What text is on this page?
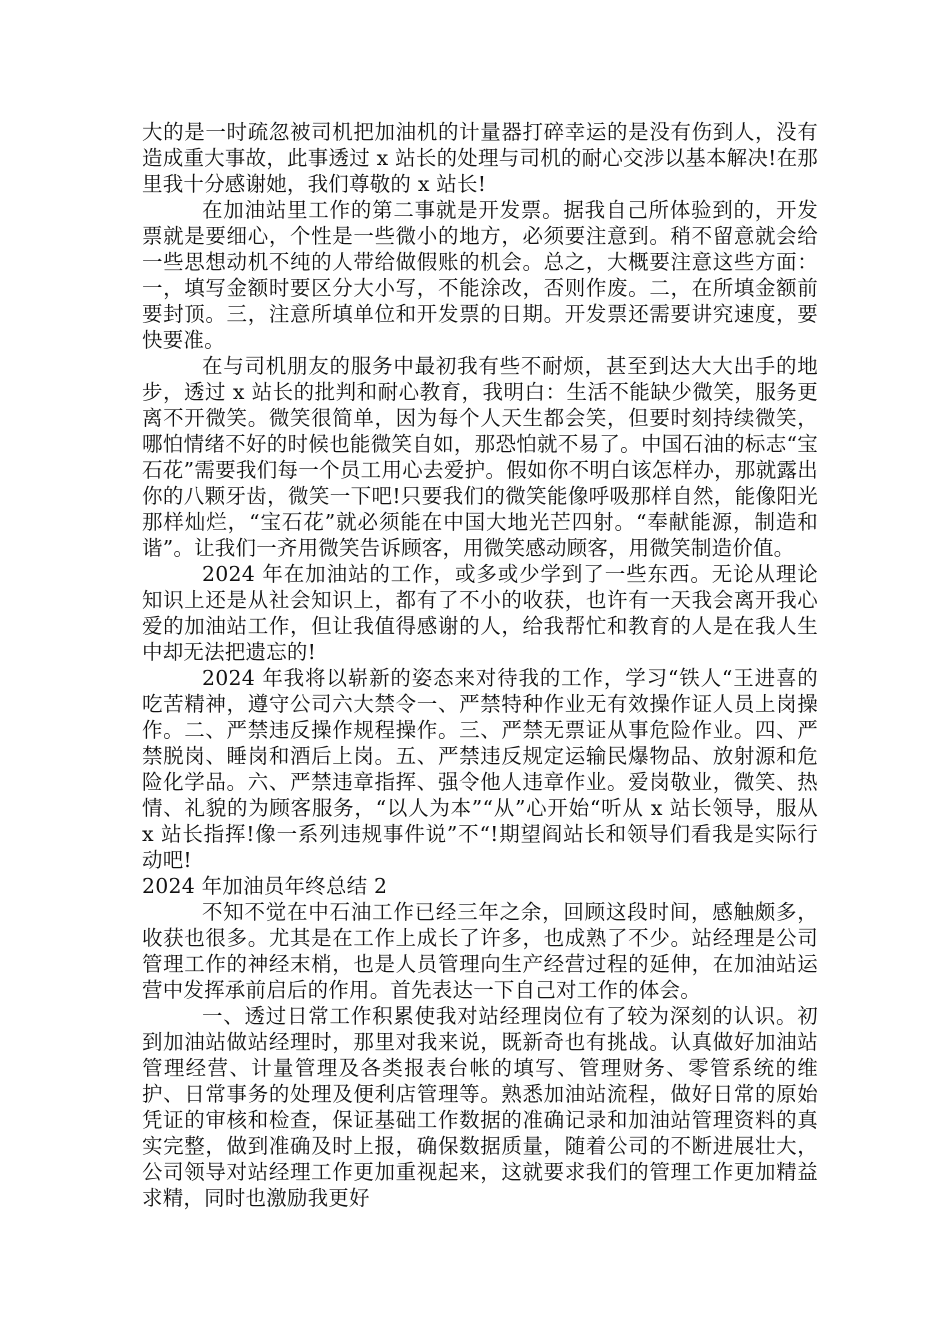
大的是一时疏忽被司机把加油机的计量器打碎幸运的是没有伤到人，没有造成重大事故，此事透过 x 站长的处理与司机的耐心交涉以基本解决!在那里我十分感谢她，我们尊敬的 x 站长!

在加油站里工作的第二事就是开发票。据我自己所体验到的，开发票就是要细心，个性是一些微小的地方，必须要注意到。稍不留意就会给一些思想动机不纯的人带给做假账的机会。总之，大概要注意这些方面：一，填写金额时要区分大小写，不能涂改，否则作废。二，在所填金额前要封顶。三，注意所填单位和开发票的日期。开发票还需要讲究速度，要快要准。

在与司机朋友的服务中最初我有些不耐烦，甚至到达大大出手的地步，透过 x 站长的批判和耐心教育，我明白：生活不能缺少微笑，服务更离不开微笑。微笑很简单，因为每个人天生都会笑，但要时刻持续微笑，哪怕情绪不好的时候也能微笑自如，那恐怕就不易了。中国石油的标志“宝石花”需要我们每一个员工用心去爱护。假如你不明白该怎样办，那就露出你的八颗牙齿，微笑一下吧!只要我们的微笑能像呼吸那样自然，能像阳光那样灿烂，“宝石花”就必须能在中国大地光芒四射。“奉献能源，制造和谐”。让我们一齐用微笑告诉顾客，用微笑感动顾客，用微笑制造价值。

2024 年在加油站的工作，或多或少学到了一些东西。无论从理论知识上还是从社会知识上，都有了不小的收获，也许有一天我会离开我心爱的加油站工作，但让我值得感谢的人，给我帮忙和教育的人是在我人生中却无法把遗忘的!

2024 年我将以崭新的姿态来对待我的工作，学习“铁人“王进喜的吃苦精神，遵守公司六大禁令一、严禁特种作业无有效操作证人员上岗操作。二、严禁违反操作规程操作。三、严禁无票证从事危险作业。四、严禁脱岗、睡岗和酒后上岗。五、严禁违反规定运输民爆物品、放射源和危险化学品。六、严禁违章指挥、强令他人违章作业。爱岗敬业，微笑、热情、礼貌的为顾客服务，“以人为本”“从”心开始“听从 x 站长领导，服从 x 站长指挥!像一系列违规事件说”不“!期望阎站长和领导们看我是实际行动吧!

2024 年加油员年终总结 2

不知不觉在中石油工作已经三年之余，回顾这段时间，感触颇多，收获也很多。尤其是在工作上成长了许多，也成熟了不少。站经理是公司管理工作的神经末梢，也是人员管理向生产经营过程的延伸，在加油站运营中发挥承前启后的作用。首先表达一下自己对工作的体会。

一、透过日常工作积累使我对站经理岗位有了较为深刻的认识。初到加油站做站经理时，那里对我来说，既新奇也有挑战。认真做好加油站管理经营、计量管理及各类报表台帐的填写、管理财务、零管系统的维护、日常事务的处理及便利店管理等。熟悉加油站流程，做好日常的原始凭证的审核和检查，保证基础工作数据的准确记录和加油站管理资料的真实完整，做到准确及时上报，确保数据质量，随着公司的不断进展壮大，公司领导对站经理工作更加重视起来，这就要求我们的管理工作更加精益求精，同时也激励我更好
